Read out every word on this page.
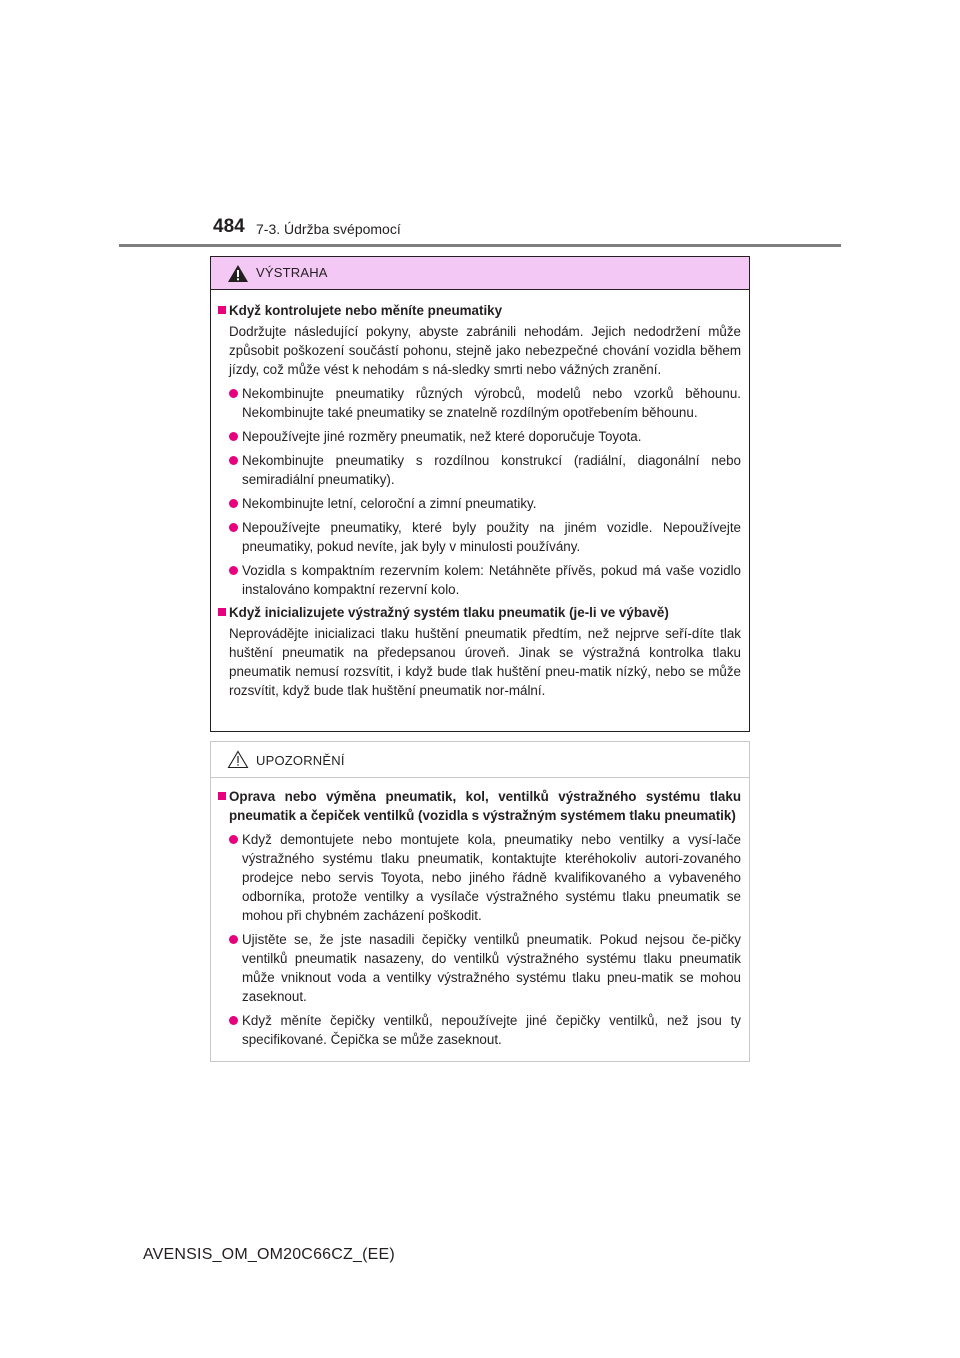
484 7-3. Údržba svépomocí
VÝSTRAHA
Když kontrolujete nebo měníte pneumatiky
Dodržujte následující pokyny, abyste zabránili nehodám. Jejich nedodržení může způsobit poškození součástí pohonu, stejně jako nebezpečné chování vozidla během jízdy, což může vést k nehodám s ná-sledky smrti nebo vážných zranění.
Nekombinujte pneumatiky různých výrobců, modelů nebo vzorků běhounu. Nekombinujte také pneumatiky se znatelně rozdílným opotřebením běhounu.
Nepoužívejte jiné rozměry pneumatik, než které doporučuje Toyota.
Nekombinujte pneumatiky s rozdílnou konstrukcí (radiální, diagonální nebo semiradiální pneumatiky).
Nekombinujte letní, celoroční a zimní pneumatiky.
Nepoužívejte pneumatiky, které byly použity na jiném vozidle. Nepoužívejte pneumatiky, pokud nevíte, jak byly v minulosti používány.
Vozidla s kompaktním rezervním kolem: Netáhněte přívěs, pokud má vaše vozidlo instalováno kompaktní rezervní kolo.
Když inicializujete výstražný systém tlaku pneumatik (je-li ve výbavě)
Neprovádějte inicializaci tlaku huštění pneumatik předtím, než nejprve seří-díte tlak huštění pneumatik na předepsanou úroveň. Jinak se výstražná kontrolka tlaku pneumatik nemusí rozsvítit, i když bude tlak huštění pneu-matik nízký, nebo se může rozsvítit, když bude tlak huštění pneumatik nor-mální.
UPOZORNĚNÍ
Oprava nebo výměna pneumatik, kol, ventilků výstražného systému tlaku pneumatik a čepiček ventilků (vozidla s výstražným systémem tlaku pneumatik)
Když demontujete nebo montujete kola, pneumatiky nebo ventilky a vysí-lače výstražného systému tlaku pneumatik, kontaktujte kteréhokoliv autori-zovaného prodejce nebo servis Toyota, nebo jiného řádně kvalifikovaného a vybaveného odborníka, protože ventilky a vysílače výstražného systému tlaku pneumatik se mohou při chybném zacházení poškodit.
Ujistěte se, že jste nasadili čepičky ventilků pneumatik. Pokud nejsou če-pičky ventilků pneumatik nasazeny, do ventilků výstražného systému tlaku pneumatik může vniknout voda a ventilky výstražného systému tlaku pneu-matik se mohou zaseknout.
Když měníte čepičky ventilků, nepoužívejte jiné čepičky ventilků, než jsou ty specifikované. Čepička se může zaseknout.
AVENSIS_OM_OM20C66CZ_(EE)
